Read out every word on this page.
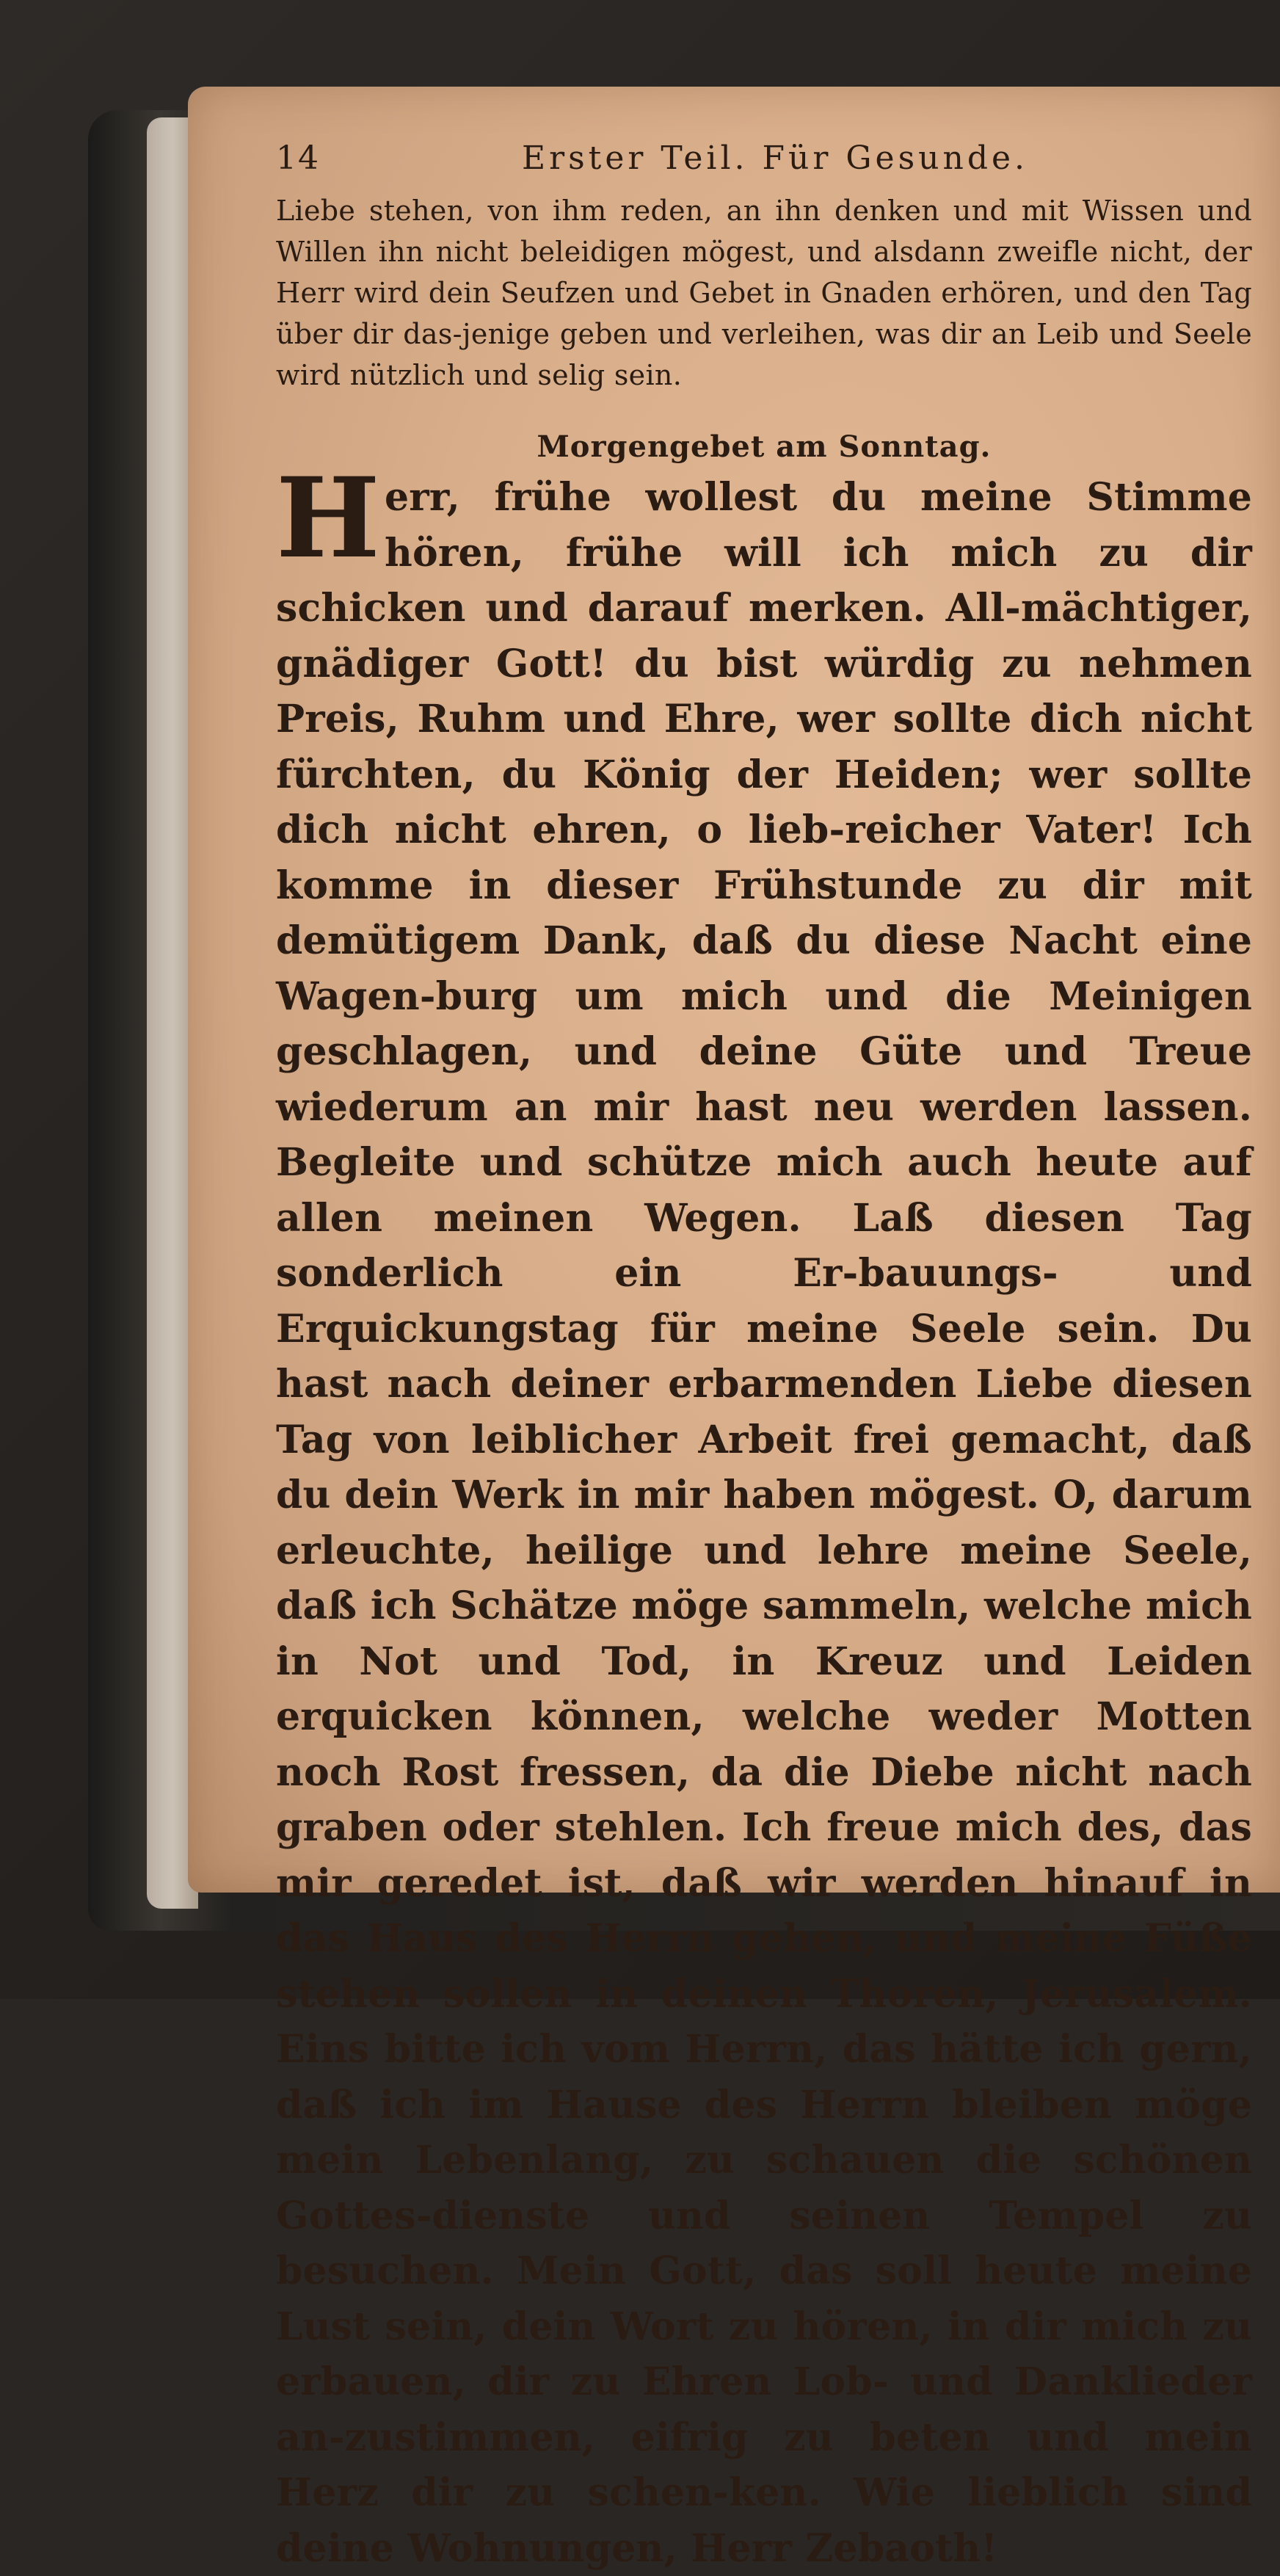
14	Erster Teil. Für Gesunde.

Liebe stehen, von ihm reden, an ihn denken und mit Wissen und Willen ihn nicht beleidigen mögest, und alsdann zweifle nicht, der Herr wird dein Seufzen und Gebet in Gnaden erhören, und den Tag über dir das-jenige geben und verleihen, was dir an Leib und Seele wird nützlich und selig sein.

Morgengebet am Sonntag.

Herr, frühe wollest du meine Stimme hören, frühe will ich mich zu dir schicken und darauf merken. All-mächtiger, gnädiger Gott! du bist würdig zu nehmen Preis, Ruhm und Ehre, wer sollte dich nicht fürchten, du König der Heiden; wer sollte dich nicht ehren, o lieb-reicher Vater! Ich komme in dieser Frühstunde zu dir mit demütigem Dank, daß du diese Nacht eine Wagen-burg um mich und die Meinigen geschlagen, und deine Güte und Treue wiederum an mir hast neu werden lassen. Begleite und schütze mich auch heute auf allen meinen Wegen. Laß diesen Tag sonderlich ein Er-bauungs- und Erquickungstag für meine Seele sein. Du hast nach deiner erbarmenden Liebe diesen Tag von leiblicher Arbeit frei gemacht, daß du dein Werk in mir haben mögest. O, darum erleuchte, heilige und lehre meine Seele, daß ich Schätze möge sammeln, welche mich in Not und Tod, in Kreuz und Leiden erquicken können, welche weder Motten noch Rost fressen, da die Diebe nicht nach graben oder stehlen. Ich freue mich des, das mir geredet ist, daß wir werden hinauf in das Haus des Herrn gehen, und meine Füße stehen sollen in deinen Thoren, Jerusalem. Eins bitte ich vom Herrn, das hätte ich gern, daß ich im Hause des Herrn bleiben möge mein Lebenlang, zu schauen die schönen Gottes-dienste und seinen Tempel zu besuchen. Mein Gott, das soll heute meine Lust sein, dein Wort zu hören, in dir mich zu erbauen, dir zu Ehren Lob- und Danklieder an-zustimmen, eifrig zu beten und mein Herz dir zu schen-ken. Wie lieblich sind deine Wohnungen, Herr Zebaoth!
